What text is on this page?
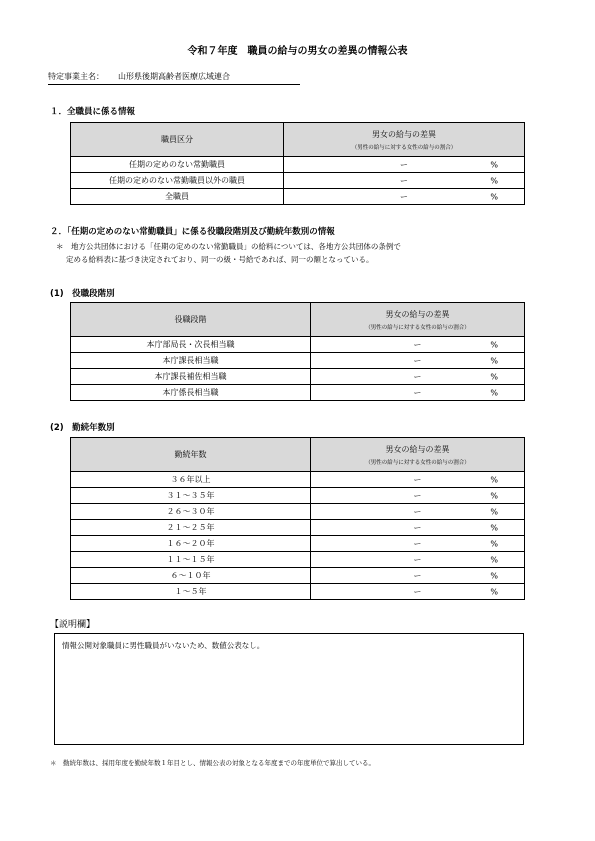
令和７年度　職員の給与の男女の差異の情報公表
特定事業主名： 山形県後期高齢者医療広域連合
１．全職員に係る情報
職員区分	男女の給与の差異
（男性の給与に対する女性の給与の割合）

任期の定めのない常勤職員	ー %

任期の定めのない常勤職員以外の職員	ー %

全職員	ー %
２．「任期の定めのない常勤職員」に係る役職段階別及び勤続年数別の情報
＊　地方公共団体における「任期の定めのない常勤職員」の給料については、各地方公共団体の条例で
定める給料表に基づき決定されており、同一の級・号給であれば、同一の額となっている。
(1)　役職段階別
役職段階	男女の給与の差異
（男性の給与に対する女性の給与の割合）

本庁部局長・次長相当職	ー %

本庁課長相当職	ー %

本庁課長補佐相当職	ー %

本庁係長相当職	ー %
(2)　勤続年数別
勤続年数	男女の給与の差異
（男性の給与に対する女性の給与の割合）

３６年以上	ー %

３１～３５年	ー %

２６～３０年	ー %

２１～２５年	ー %

１６～２０年	ー %

１１～１５年	ー %

６～１０年	ー %

１～５年	ー %
【説明欄】
情報公開対象職員に男性職員がいないため、数値公表なし。
＊　勤続年数は、採用年度を勤続年数１年目とし、情報公表の対象となる年度までの年度単位で算出している。
